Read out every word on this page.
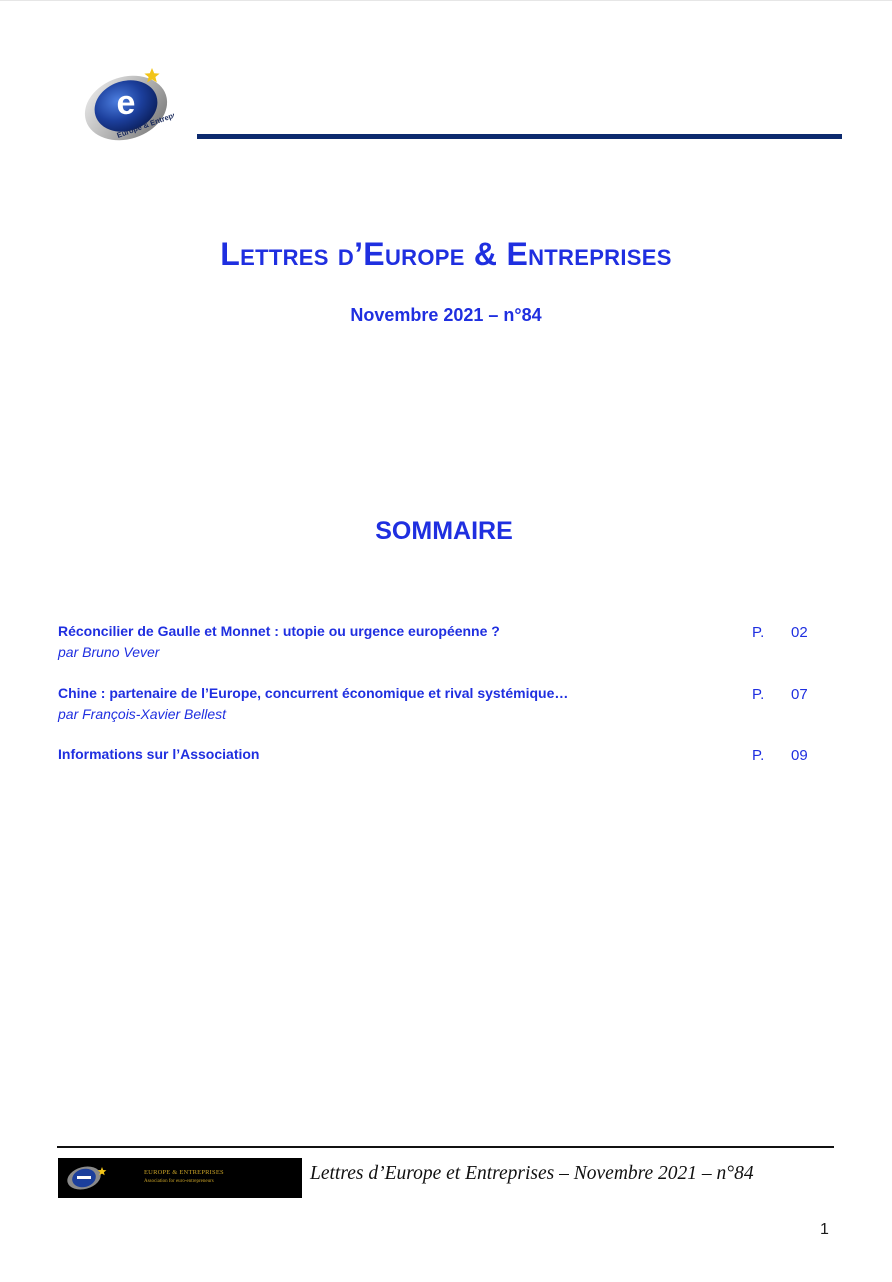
e
Europe & Entreprises
Lettres d’Europe & Entreprises

Novembre 2021 – n°84

SOMMAIRE
Réconcilier de Gaulle et Monnet : utopie ou urgence européenne ?
par Bruno Vever
P. 02
Chine : partenaire de l’Europe, concurrent économique et rival systémique…
par François-Xavier Bellest
P. 07
Informations sur l’Association	P. 09
EUROPE & ENTREPRISES
Association for euro-entrepreneurs	Lettres d’Europe et Entreprises – Novembre 2021 – n°84
1
